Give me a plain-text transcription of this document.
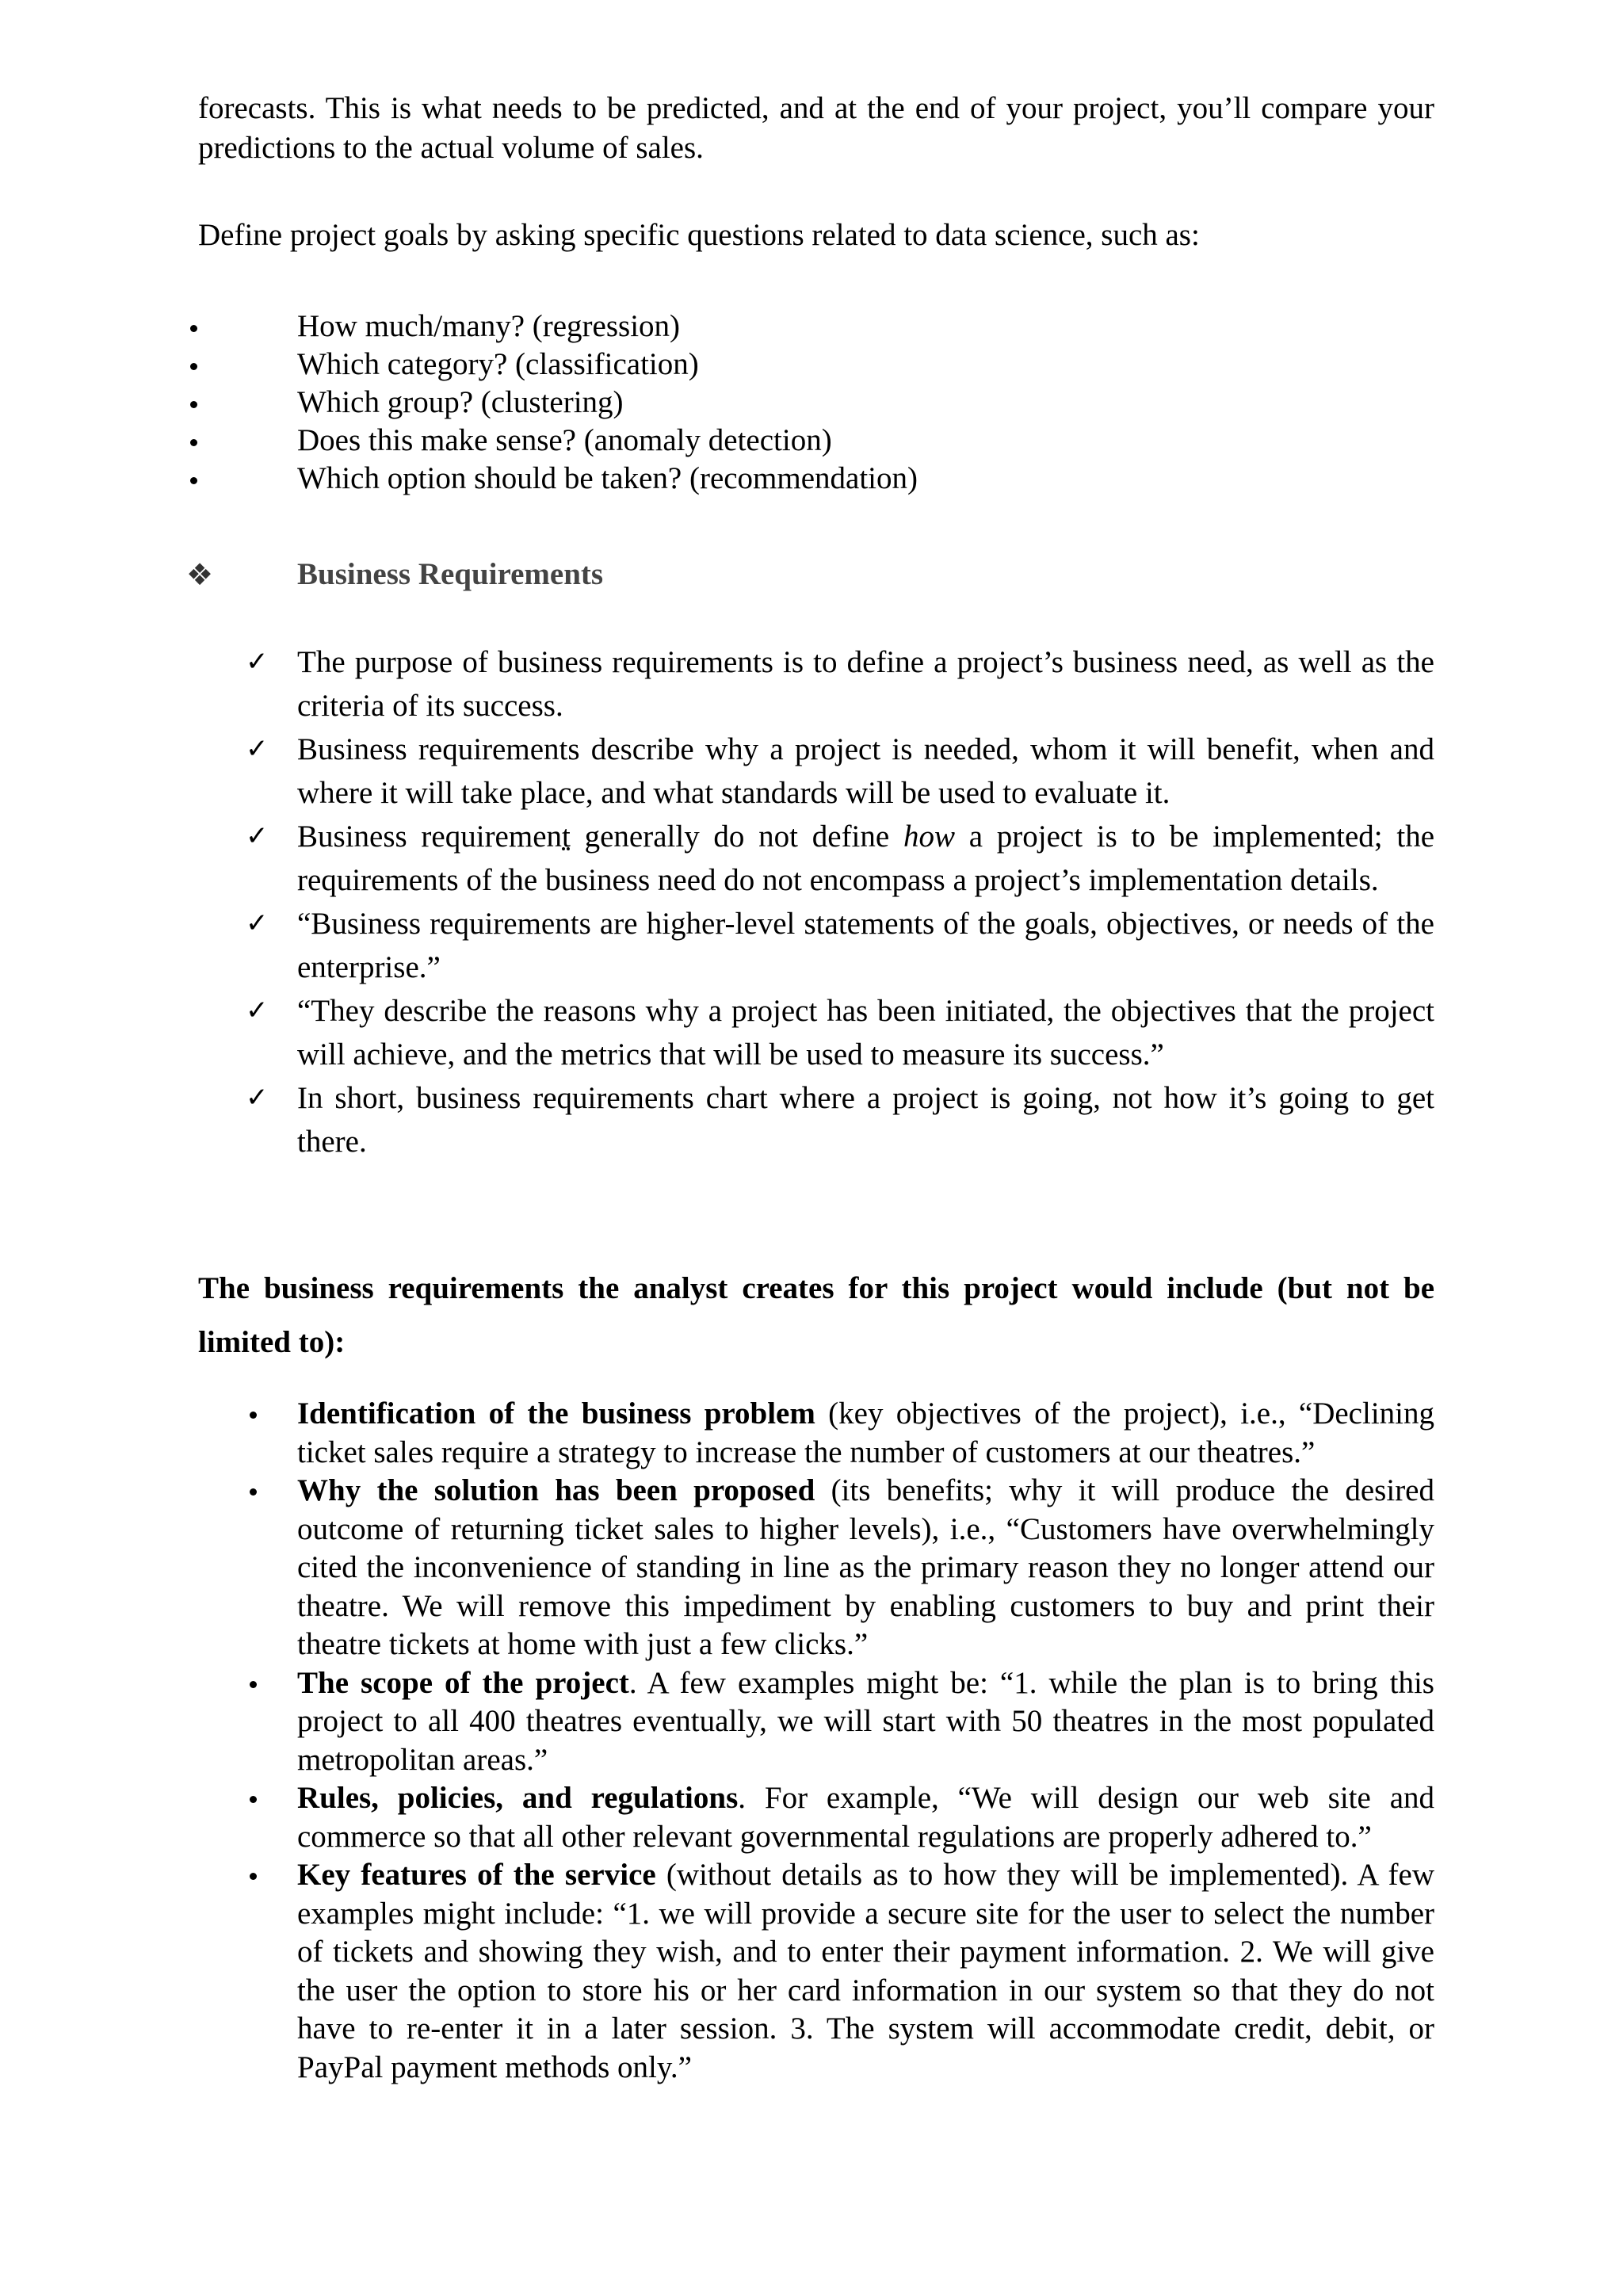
forecasts. This is what needs to be predicted, and at the end of your project, you’ll compare your predictions to the actual volume of sales.

Define project goals by asking specific questions related to data science, such as:

How much/many? (regression)
Which category? (classification)
Which group? (clustering)
Does this make sense? (anomaly detection)
Which option should be taken? (recommendation)
❖	Business Requirements
✓ The purpose of business requirements is to define a project’s business need, as well as the criteria of its success.
✓ Business requirements describe why a project is needed, whom it will benefit, when and where it will take place, and what standards will be used to evaluate it.
✓ Business requirement generally do not define how a project is to be implemented; the requirements of the business need do not encompass a project’s implementation details.
✓ “Business requirements are higher-level statements of the goals, objectives, or needs of the enterprise.”
✓ “They describe the reasons why a project has been initiated, the objectives that the project will achieve, and the metrics that will be used to measure its success.”
✓ In short, business requirements chart where a project is going, not how it’s going to get there.

The business requirements the analyst creates for this project would include (but not be limited to):

Identification of the business problem (key objectives of the project), i.e., “Declining ticket sales require a strategy to increase the number of customers at our theatres.”
Why the solution has been proposed (its benefits; why it will produce the desired outcome of returning ticket sales to higher levels), i.e., “Customers have overwhelmingly cited the inconvenience of standing in line as the primary reason they no longer attend our theatre. We will remove this impediment by enabling customers to buy and print their theatre tickets at home with just a few clicks.”
The scope of the project. A few examples might be: “1. while the plan is to bring this project to all 400 theatres eventually, we will start with 50 theatres in the most populated metropolitan areas.”
Rules, policies, and regulations. For example, “We will design our web site and commerce so that all other relevant governmental regulations are properly adhered to.”
Key features of the service (without details as to how they will be implemented). A few examples might include: “1. we will provide a secure site for the user to select the number of tickets and showing they wish, and to enter their payment information. 2. We will give the user the option to store his or her card information in our system so that they do not have to re-enter it in a later session. 3. The system will accommodate credit, debit, or PayPal payment methods only.”
